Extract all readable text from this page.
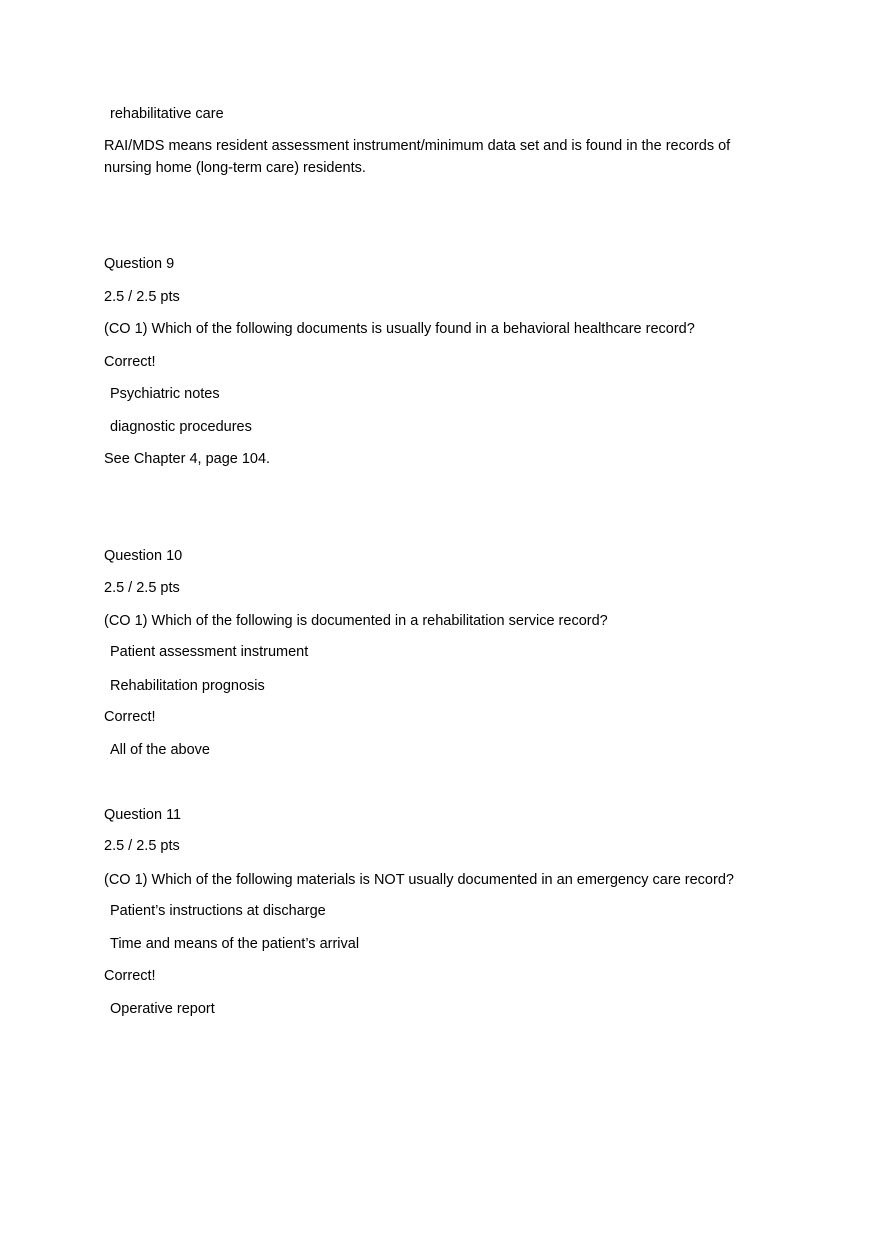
rehabilitative care

RAI/MDS means resident assessment instrument/minimum data set and is found in the records of nursing home (long-term care) residents.

Question 9

2.5 / 2.5 pts

(CO 1) Which of the following documents is usually found in a behavioral healthcare record?

Correct!

Psychiatric notes

diagnostic procedures

See Chapter 4, page 104.

Question 10

2.5 / 2.5 pts

(CO 1) Which of the following is documented in a rehabilitation service record?

Patient assessment instrument

Rehabilitation prognosis

Correct!

All of the above

Question 11

2.5 / 2.5 pts

(CO 1) Which of the following materials is NOT usually documented in an emergency care record?

Patient’s instructions at discharge

Time and means of the patient’s arrival

Correct!

Operative report
